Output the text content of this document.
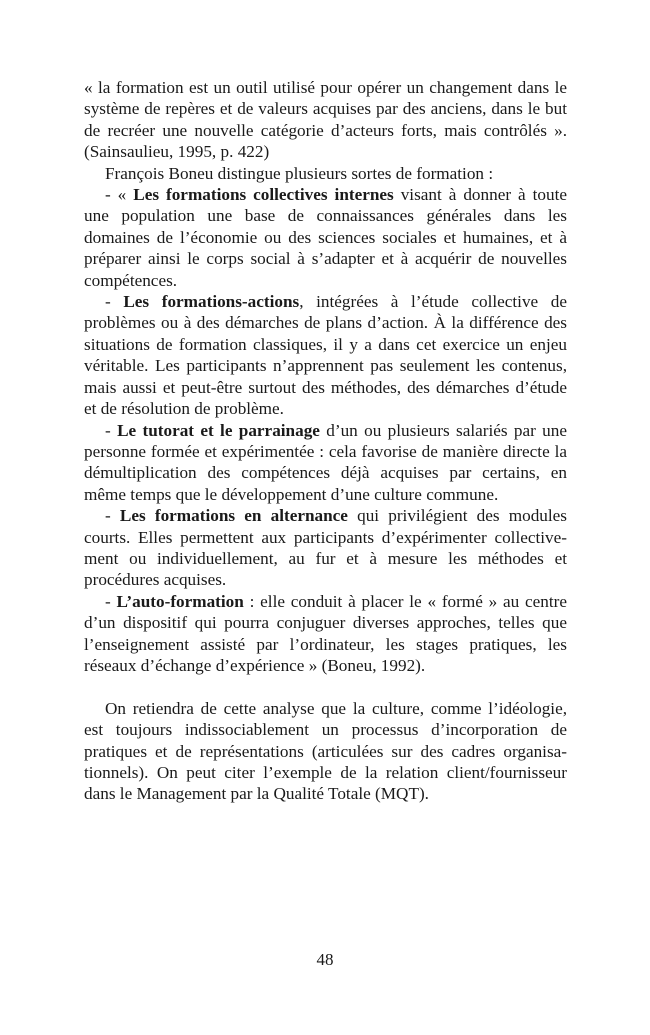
« la formation est un outil utilisé pour opérer un changement dans le système de repères et de valeurs acquises par des anciens, dans le but de recréer une nouvelle catégorie d’acteurs forts, mais contrôlés ». (Sainsaulieu, 1995, p. 422)

François Boneu distingue plusieurs sortes de formation :

- « Les formations collectives internes visant à donner à toute une population une base de connaissances générales dans les domaines de l’économie ou des sciences sociales et humaines, et à préparer ainsi le corps social à s’adapter et à acquérir de nouvelles compétences.

- Les formations-actions, intégrées à l’étude collective de problèmes ou à des démarches de plans d’action. À la différence des situations de formation classiques, il y a dans cet exercice un enjeu véritable. Les participants n’apprennent pas seulement les contenus, mais aussi et peut-être surtout des méthodes, des démarches d’étude et de résolution de problème.

- Le tutorat et le parrainage d’un ou plusieurs salariés par une personne formée et expérimentée : cela favorise de manière directe la démultiplication des compétences déjà acquises par certains, en même temps que le développement d’une culture commune.

- Les formations en alternance qui privilégient des modules courts. Elles permettent aux participants d’expérimenter collective-ment ou individuellement, au fur et à mesure les méthodes et procédures acquises.

- L’auto-formation : elle conduit à placer le « formé » au centre d’un dispositif qui pourra conjuguer diverses approches, telles que l’enseignement assisté par l’ordinateur, les stages pratiques, les réseaux d’échange d’expérience » (Boneu, 1992).

On retiendra de cette analyse que la culture, comme l’idéologie, est toujours indissociablement un processus d’incorporation de pratiques et de représentations (articulées sur des cadres organisa-tionnels). On peut citer l’exemple de la relation client/fournisseur dans le Management par la Qualité Totale (MQT).

48
